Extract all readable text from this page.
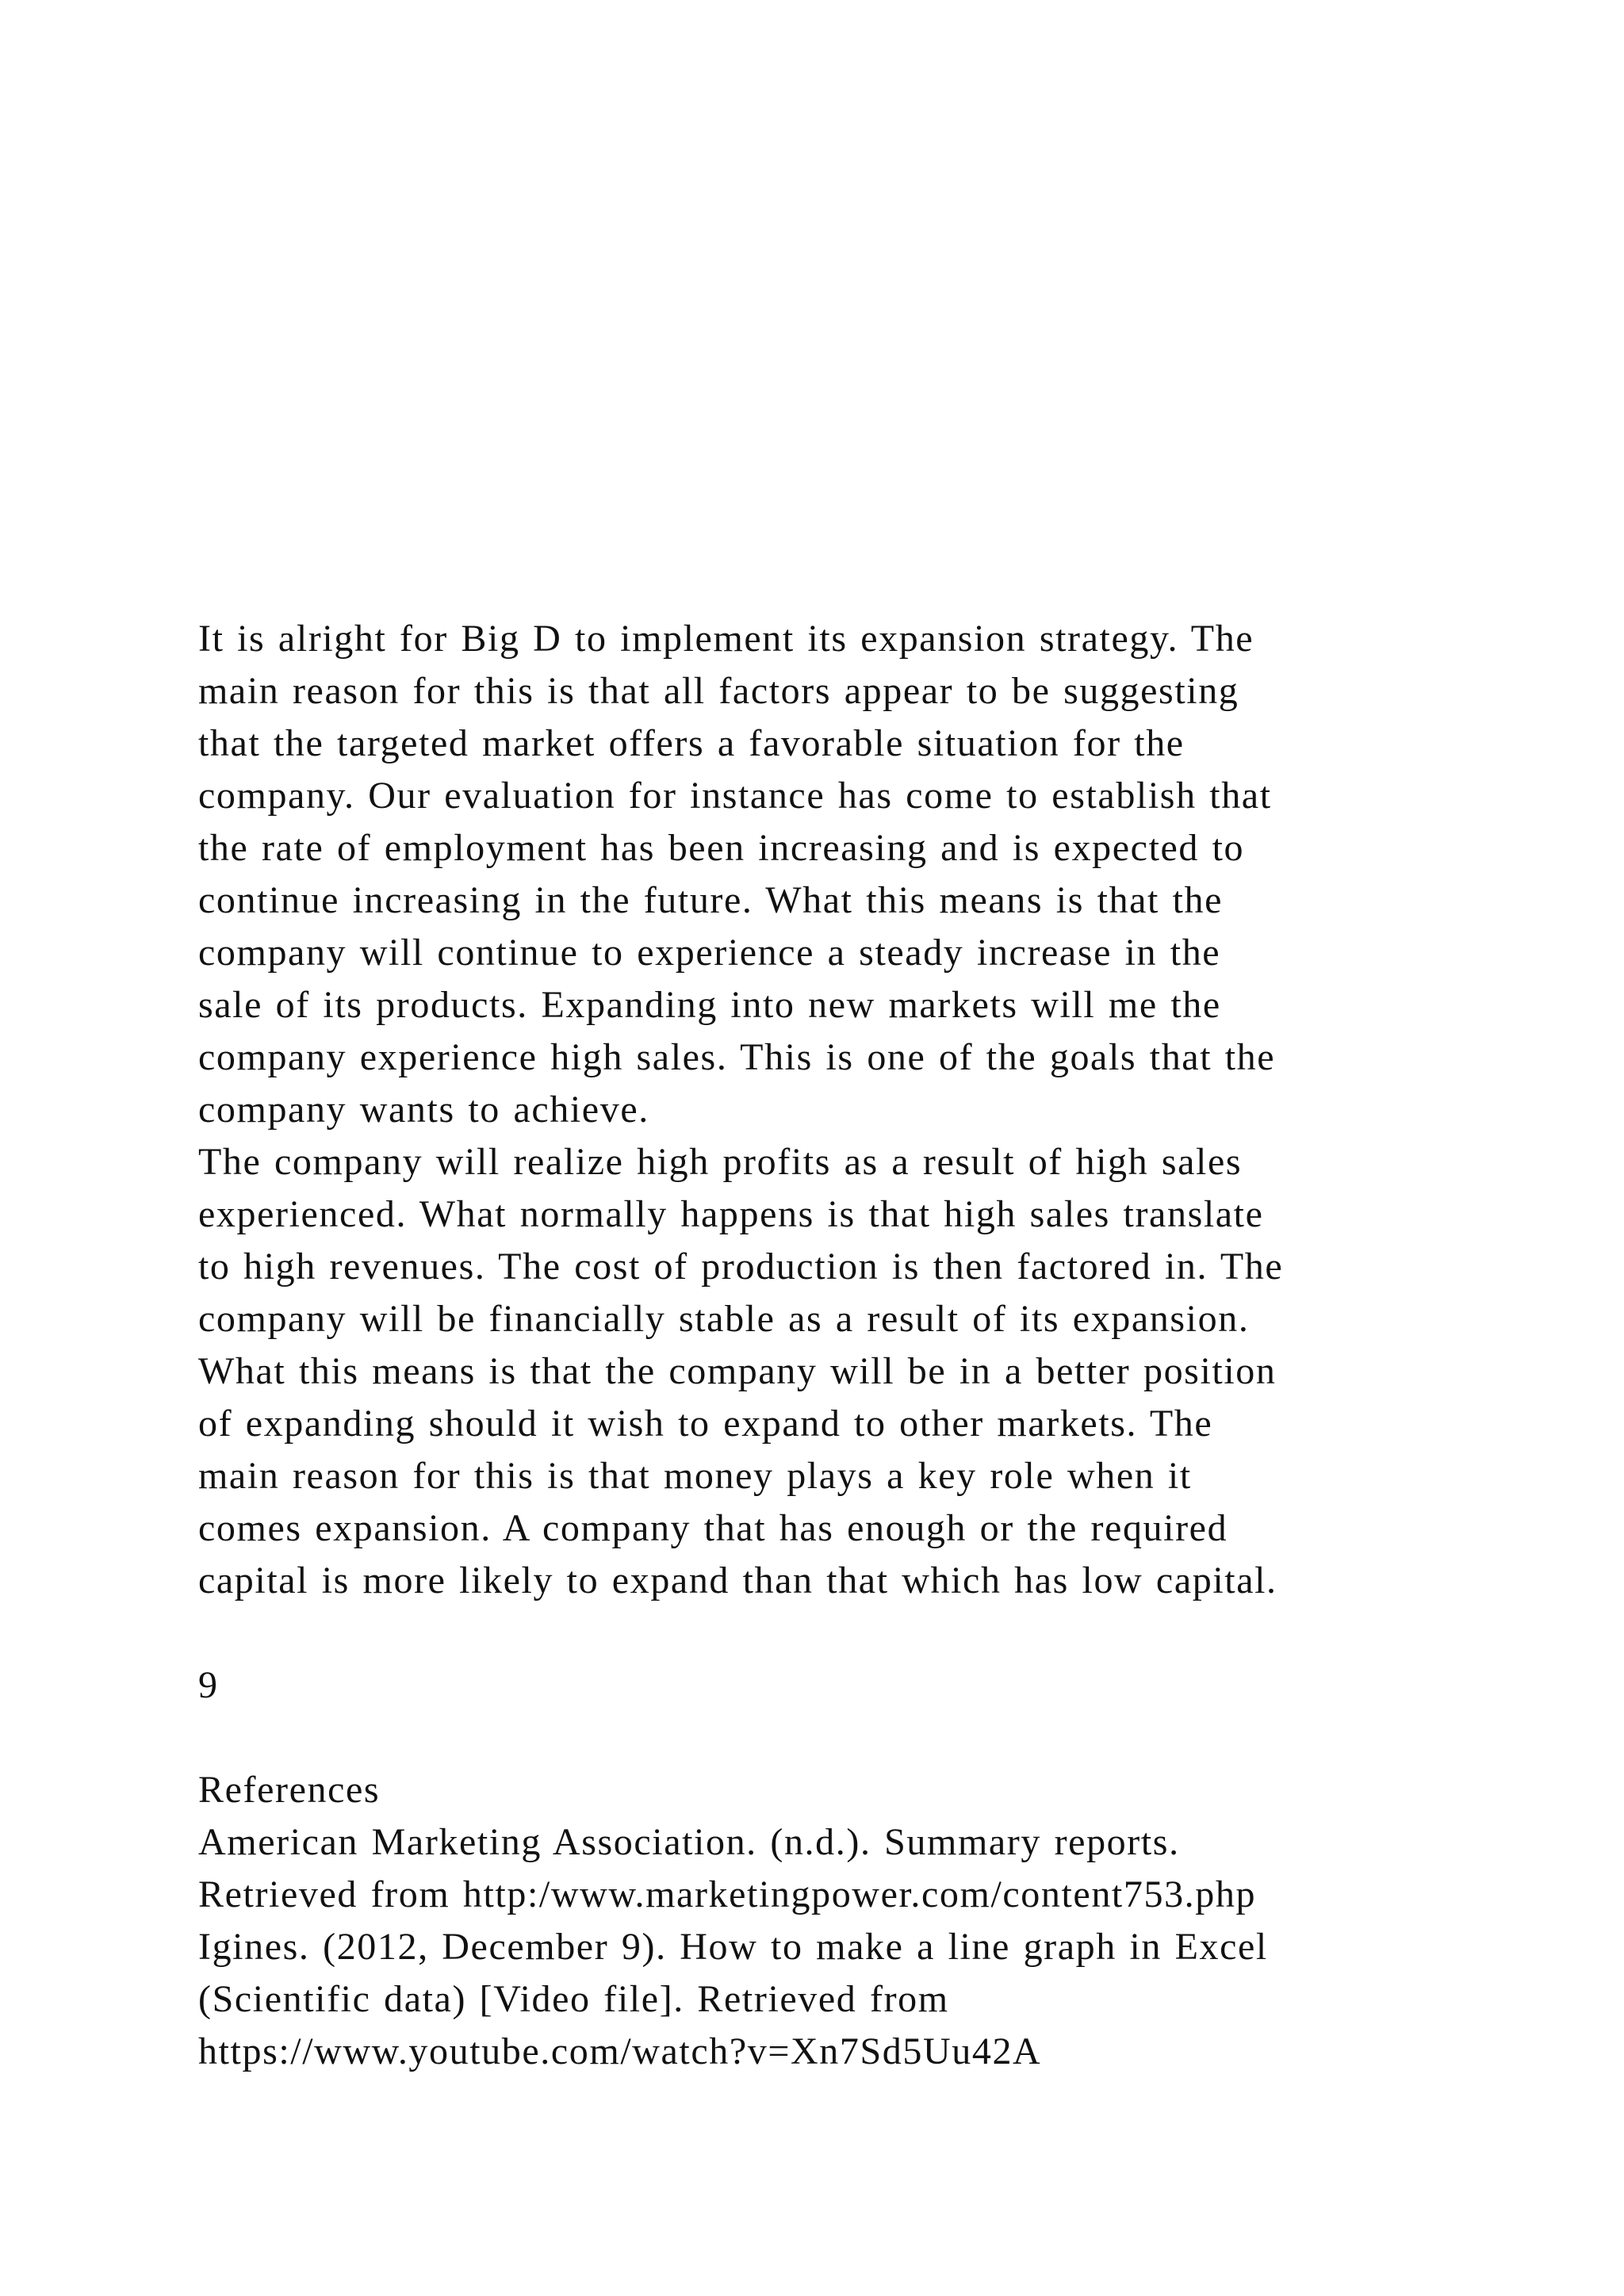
It is alright for Big D to implement its expansion strategy. The
main reason for this is that all factors appear to be suggesting
that the targeted market offers a favorable situation for the
company. Our evaluation for instance has come to establish that
the rate of employment has been increasing and is expected to
continue increasing in the future. What this means is that the
company will continue to experience a steady increase in the
sale of its products. Expanding into new markets will me the
company experience high sales. This is one of the goals that the
company wants to achieve.
The company will realize high profits as a result of high sales
experienced. What normally happens is that high sales translate
to high revenues. The cost of production is then factored in. The
company will be financially stable as a result of its expansion.
What this means is that the company will be in a better position
of expanding should it wish to expand to other markets. The
main reason for this is that money plays a key role when it
comes expansion. A company that has enough or the required
capital is more likely to expand than that which has low capital.
9
References
American Marketing Association. (n.d.). Summary reports.
Retrieved from http:/www.marketingpower.com/content753.php
Igines. (2012, December 9). How to make a line graph in Excel
(Scientific data) [Video file]. Retrieved from
https://www.youtube.com/watch?v=Xn7Sd5Uu42A
